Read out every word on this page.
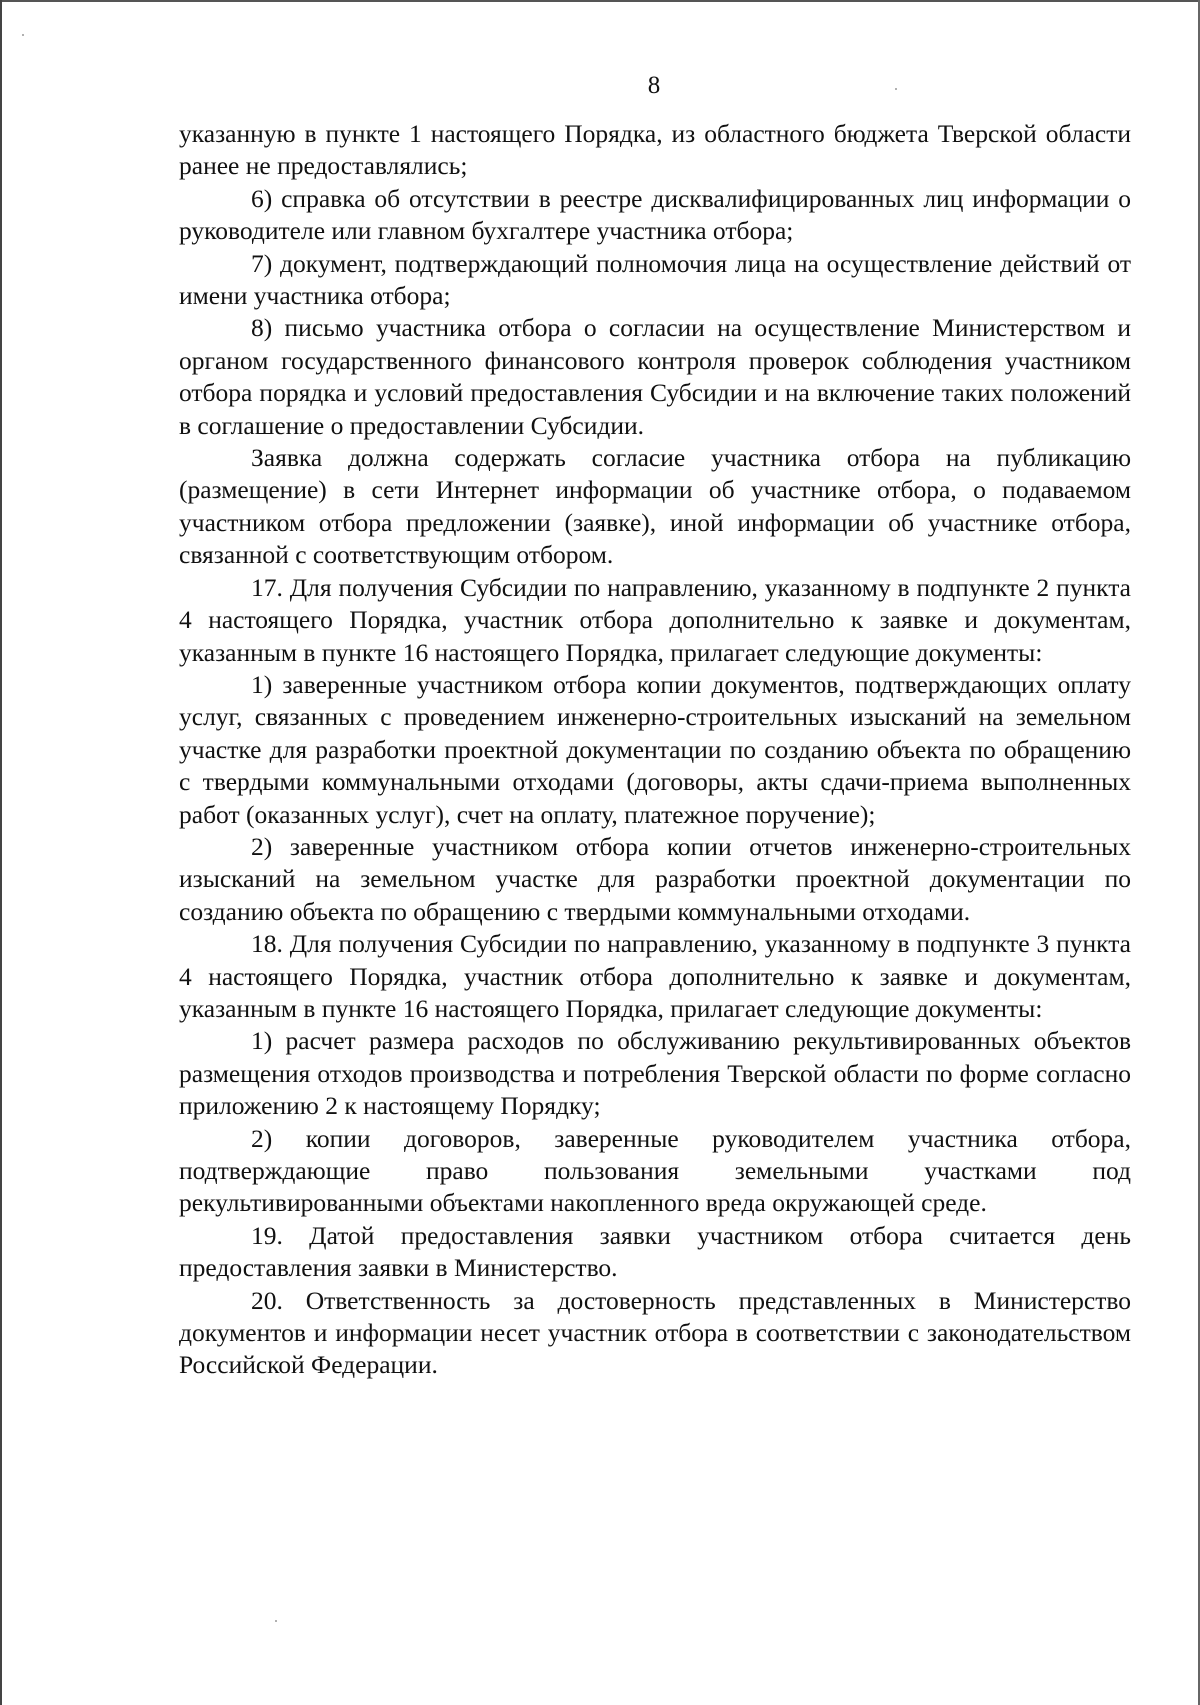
8

указанную в пункте 1 настоящего Порядка, из областного бюджета Тверской области ранее не предоставлялись;

6) справка об отсутствии в реестре дисквалифицированных лиц информации о руководителе или главном бухгалтере участника отбора;

7) документ, подтверждающий полномочия лица на осуществление действий от имени участника отбора;

8) письмо участника отбора о согласии на осуществление Министерством и органом государственного финансового контроля проверок соблюдения участником отбора порядка и условий предоставления Субсидии и на включение таких положений в соглашение о предоставлении Субсидии.

Заявка должна содержать согласие участника отбора на публикацию (размещение) в сети Интернет информации об участнике отбора, о подаваемом участником отбора предложении (заявке), иной информации об участнике отбора, связанной с соответствующим отбором.

17. Для получения Субсидии по направлению, указанному в подпункте 2 пункта 4 настоящего Порядка, участник отбора дополнительно к заявке и документам, указанным в пункте 16 настоящего Порядка, прилагает следующие документы:

1) заверенные участником отбора копии документов, подтверждающих оплату услуг, связанных с проведением инженерно-строительных изысканий на земельном участке для разработки проектной документации по созданию объекта по обращению с твердыми коммунальными отходами (договоры, акты сдачи-приема выполненных работ (оказанных услуг), счет на оплату, платежное поручение);

2) заверенные участником отбора копии отчетов инженерно-строительных изысканий на земельном участке для разработки проектной документации по созданию объекта по обращению с твердыми коммунальными отходами.

18. Для получения Субсидии по направлению, указанному в подпункте 3 пункта 4 настоящего Порядка, участник отбора дополнительно к заявке и документам, указанным в пункте 16 настоящего Порядка, прилагает следующие документы:

1) расчет размера расходов по обслуживанию рекультивированных объектов размещения отходов производства и потребления Тверской области по форме согласно приложению 2 к настоящему Порядку;

2) копии договоров, заверенные руководителем участника отбора, подтверждающие право пользования земельными участками под рекультивированными объектами накопленного вреда окружающей среде.

19. Датой предоставления заявки участником отбора считается день предоставления заявки в Министерство.

20. Ответственность за достоверность представленных в Министерство документов и информации несет участник отбора в соответствии с законодательством Российской Федерации.
